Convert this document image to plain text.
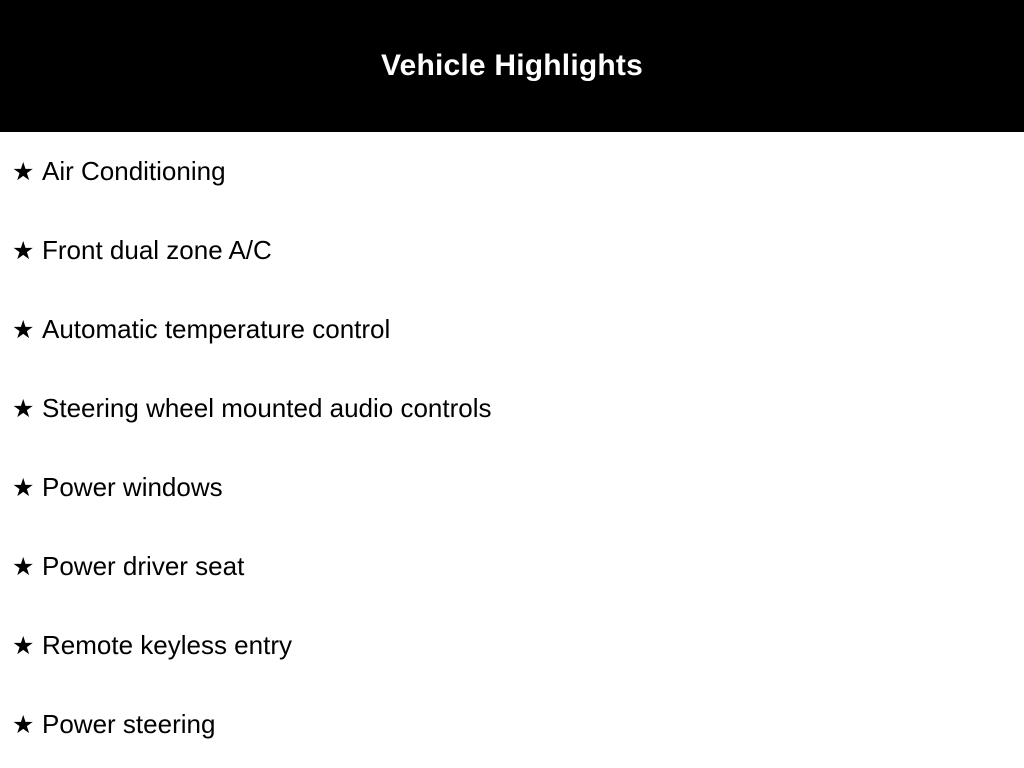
Vehicle Highlights
★ Air Conditioning
★ Front dual zone A/C
★ Automatic temperature control
★ Steering wheel mounted audio controls
★ Power windows
★ Power driver seat
★ Remote keyless entry
★ Power steering
